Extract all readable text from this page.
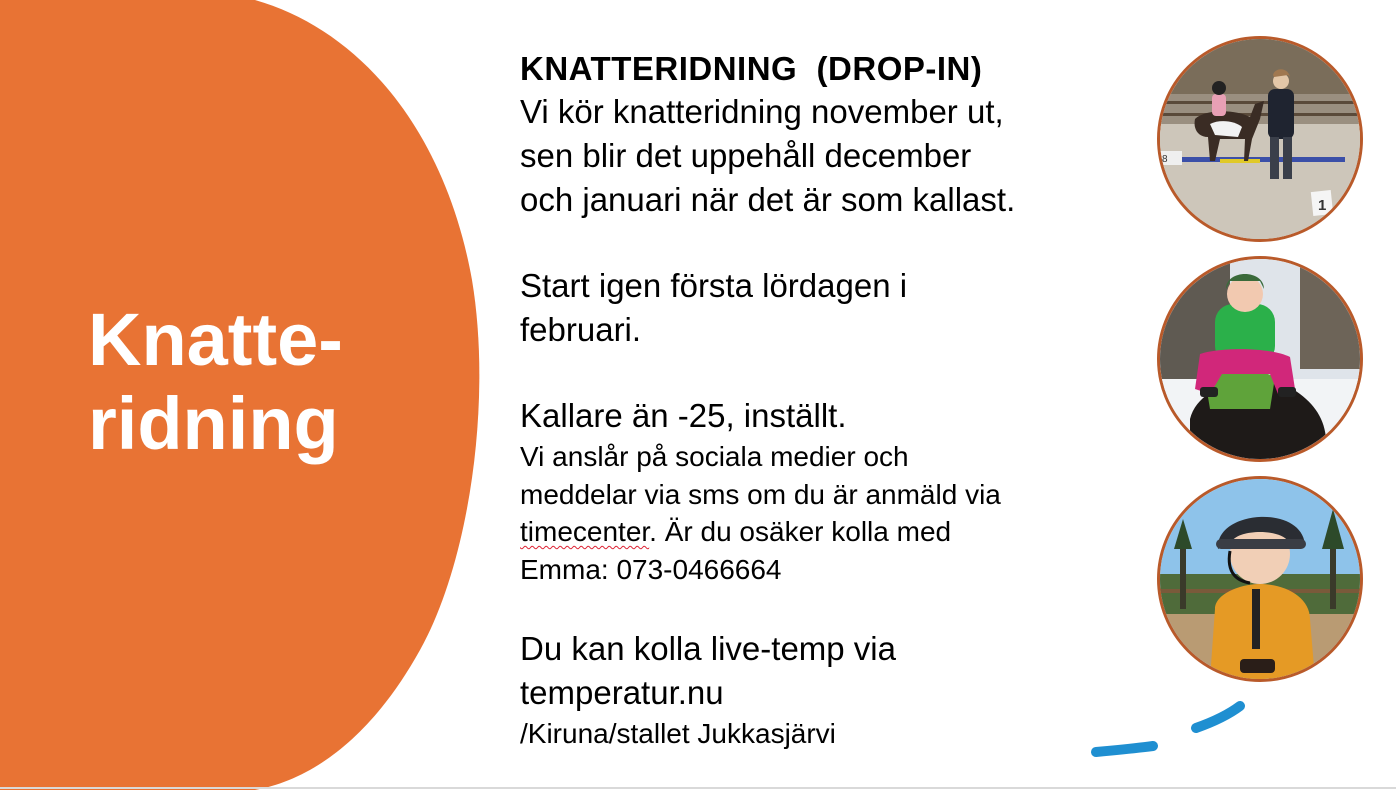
Knatte-
ridning
KNATTERIDNING  (DROP-IN)
Vi kör knatteridning november ut,
sen blir det uppehåll december
och januari när det är som kallast.
Start igen första lördagen i
februari.
Kallare än -25, inställt.
Vi anslår på sociala medier och
meddelar via sms om du är anmäld via
timecenter. Är du osäker kolla med
Emma: 073-0466664
Du kan kolla live-temp via
temperatur.nu
/Kiruna/stallet Jukkasjärvi
8
1
